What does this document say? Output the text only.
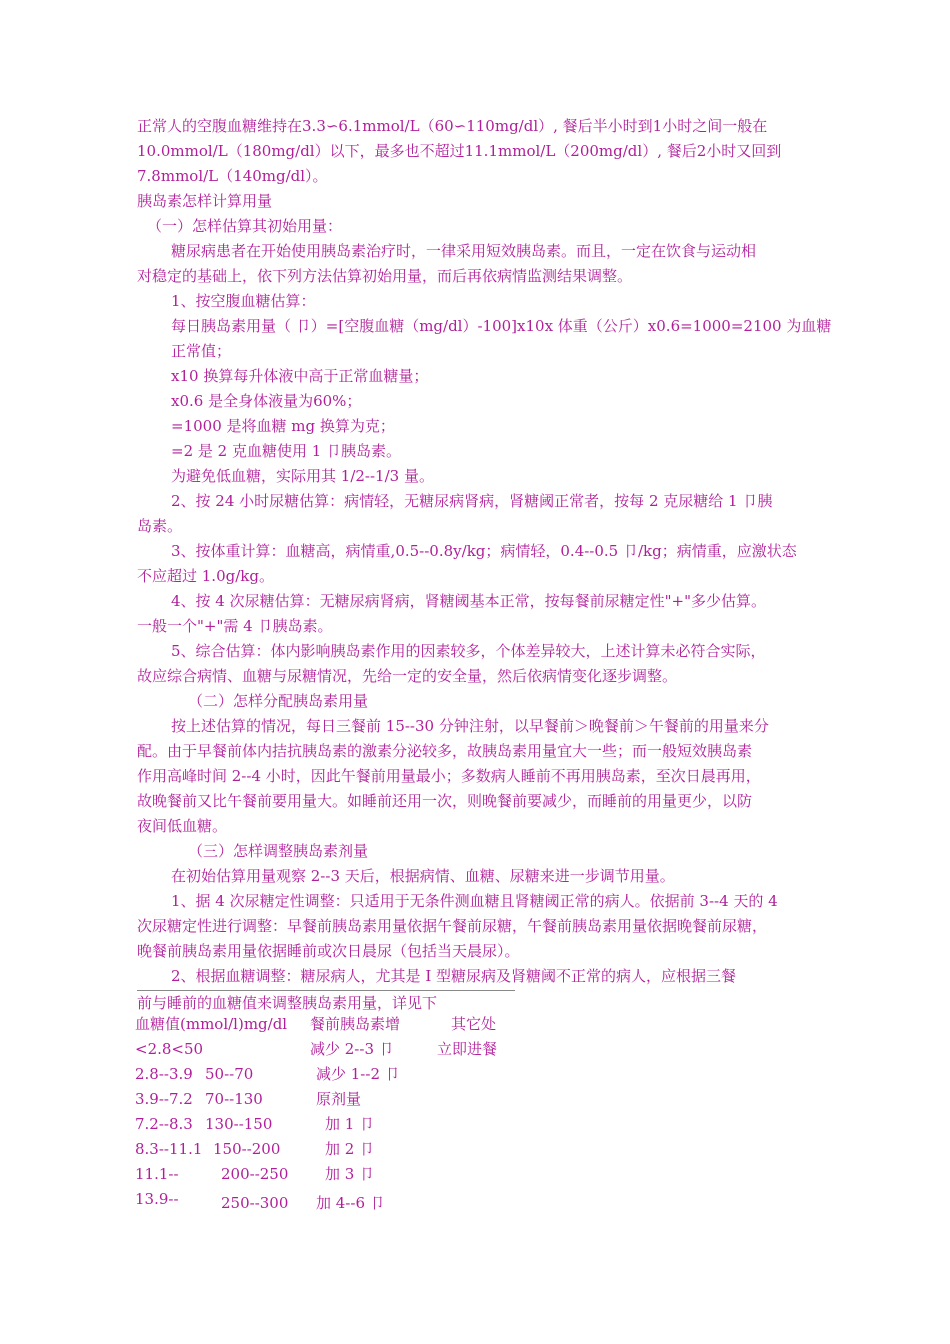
正常人的空腹血糖维持在3.3∽6.1mmol/L（60∽110mg/dl）, 餐后半小时到1小时之间一般在
10.0mmol/L（180mg/dl）以下，最多也不超过11.1mmol/L（200mg/dl）, 餐后2小时又回到
7.8mmol/L（140mg/dl）。
胰岛素怎样计算用量
（一）怎样估算其初始用量：
糖尿病患者在开始使用胰岛素治疗时，一律采用短效胰岛素。而且，一定在饮食与运动相
对稳定的基础上，依下列方法估算初始用量，而后再依病情监测结果调整。
1、按空腹血糖估算：
每日胰岛素用量（ 卩）=[空腹血糖（mg/dl）-100]x10x 体重（公斤）x0.6=1000=2100 为血糖
正常值；
x10 换算每升体液中高于正常血糖量；
x0.6 是全身体液量为60%；
=1000 是将血糖 mg 换算为克；
=2 是 2 克血糖使用 1 卩胰岛素。
为避免低血糖，实际用其 1/2--1/3 量。
2、按 24 小时尿糖估算：病情轻，无糖尿病肾病，肾糖阈正常者，按每 2 克尿糖给 1 卩胰
岛素。
3、按体重计算：血糖高，病情重,0.5--0.8y/kg；病情轻，0.4--0.5 卩/kg；病情重，应激状态
不应超过 1.0g/kg。
4、按 4 次尿糖估算：无糖尿病肾病，肾糖阈基本正常，按每餐前尿糖定性"+"多少估算。
一般一个"+"需 4 卩胰岛素。
5、综合估算：体内影响胰岛素作用的因素较多，个体差异较大，上述计算未必符合实际，
故应综合病情、血糖与尿糖情况，先给一定的安全量，然后依病情变化逐步调整。
（二）怎样分配胰岛素用量
按上述估算的情况，每日三餐前 15--30 分钟注射，以早餐前＞晚餐前＞午餐前的用量来分
配。由于早餐前体内拮抗胰岛素的激素分泌较多，故胰岛素用量宜大一些；而一般短效胰岛素
作用高峰时间 2--4 小时，因此午餐前用量最小；多数病人睡前不再用胰岛素，至次日晨再用，
故晚餐前又比午餐前要用量大。如睡前还用一次，则晚餐前要减少，而睡前的用量更少，以防
夜间低血糖。
（三）怎样调整胰岛素剂量
在初始估算用量观察 2--3 天后，根据病情、血糖、尿糖来进一步调节用量。
1、据 4 次尿糖定性调整：只适用于无条件测血糖且肾糖阈正常的病人。依据前 3--4 天的 4
次尿糖定性进行调整：早餐前胰岛素用量依据午餐前尿糖，午餐前胰岛素用量依据晚餐前尿糖，
晚餐前胰岛素用量依据睡前或次日晨尿（包括当天晨尿）。
2、根据血糖调整：糖尿病人，尤其是 I 型糖尿病及肾糖阈不正常的病人，应根据三餐
前与睡前的血糖值来调整胰岛素用量，详见下
血糖值(mmol/l)mg/dl 餐前胰岛素增	其它处
<2.8<50	减少 2--3 卩	立即进餐
2.8--3.9 50--70	减少 1--2 卩
3.9--7.2 70--130	原剂量
7.2--8.3 130--150	加 1 卩
8.3--11.1 150--200	加 2 卩
11.1--	200--250 加 3 卩
13.9--	250--300 加 4--6 卩
